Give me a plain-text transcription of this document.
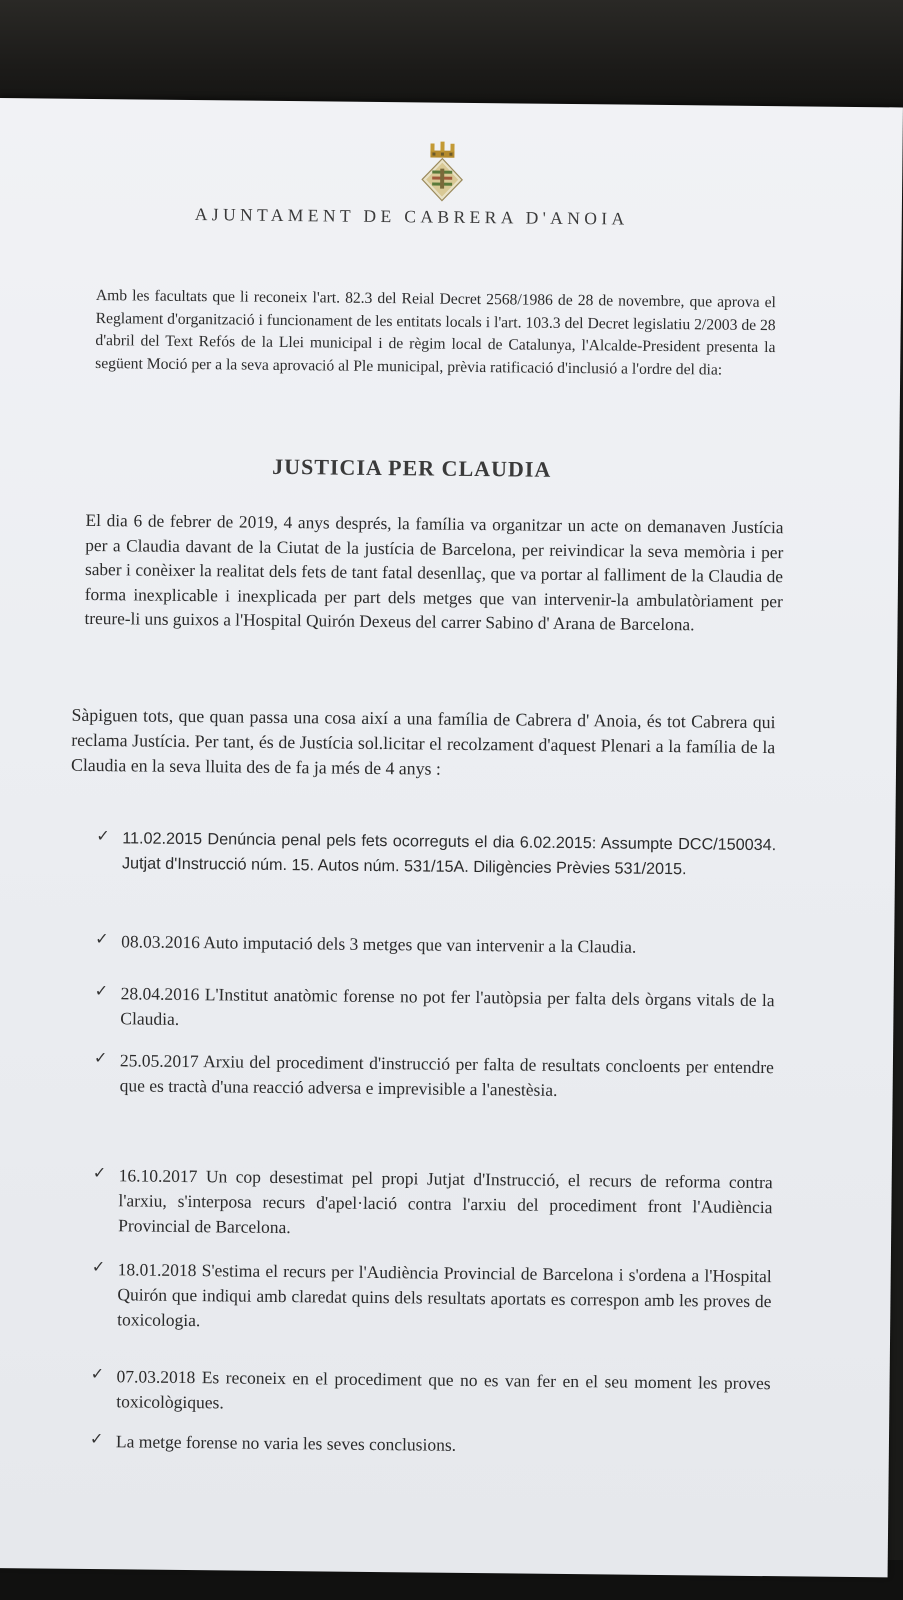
AJUNTAMENT DE CABRERA D'ANOIA

Amb les facultats que li reconeix l'art. 82.3 del Reial Decret 2568/1986 de 28 de novembre, que aprova el Reglament d'organització i funcionament de les entitats locals i l'art. 103.3 del Decret legislatiu 2/2003 de 28 d'abril del Text Refós de la Llei municipal i de règim local de Catalunya, l'Alcalde-President presenta la següent Moció per a la seva aprovació al Ple municipal, prèvia ratificació d'inclusió a l'ordre del dia:

JUSTICIA PER CLAUDIA

El dia 6 de febrer de 2019, 4 anys després, la família va organitzar un acte on demanaven Justícia per a Claudia davant de la Ciutat de la justícia de Barcelona, per reivindicar la seva memòria i per saber i conèixer la realitat dels fets de tant fatal desenllaç, que va portar al falliment de la Claudia de forma inexplicable i inexplicada per part dels metges que van intervenir-la ambulatòriament per treure-li uns guixos a l'Hospital Quirón Dexeus del carrer Sabino d' Arana de Barcelona.

Sàpiguen tots, que quan passa una cosa així a una família de Cabrera d' Anoia, és tot Cabrera qui reclama Justícia. Per tant, és de Justícia sol.licitar el recolzament d'aquest Plenari a la família de la Claudia en la seva lluita des de fa ja més de 4 anys :

✓ 11.02.2015 Denúncia penal pels fets ocorreguts el dia 6.02.2015: Assumpte DCC/150034. Jutjat d'Instrucció núm. 15. Autos núm. 531/15A. Diligències Prèvies 531/2015.

✓ 08.03.2016 Auto imputació dels 3 metges que van intervenir a la Claudia.

✓ 28.04.2016 L'Institut anatòmic forense no pot fer l'autòpsia per falta dels òrgans vitals de la Claudia.

✓ 25.05.2017 Arxiu del procediment d'instrucció per falta de resultats concloents per entendre que es tractà d'una reacció adversa e imprevisible a l'anestèsia.

✓ 16.10.2017 Un cop desestimat pel propi Jutjat d'Instrucció, el recurs de reforma contra l'arxiu, s'interposa recurs d'apel·lació contra l'arxiu del procediment front l'Audiència Provincial de Barcelona.

✓ 18.01.2018 S'estima el recurs per l'Audiència Provincial de Barcelona i s'ordena a l'Hospital Quirón que indiqui amb claredat quins dels resultats aportats es correspon amb les proves de toxicologia.

✓ 07.03.2018 Es reconeix en el procediment que no es van fer en el seu moment les proves toxicològiques.

✓ La metge forense no varia les seves conclusions.
